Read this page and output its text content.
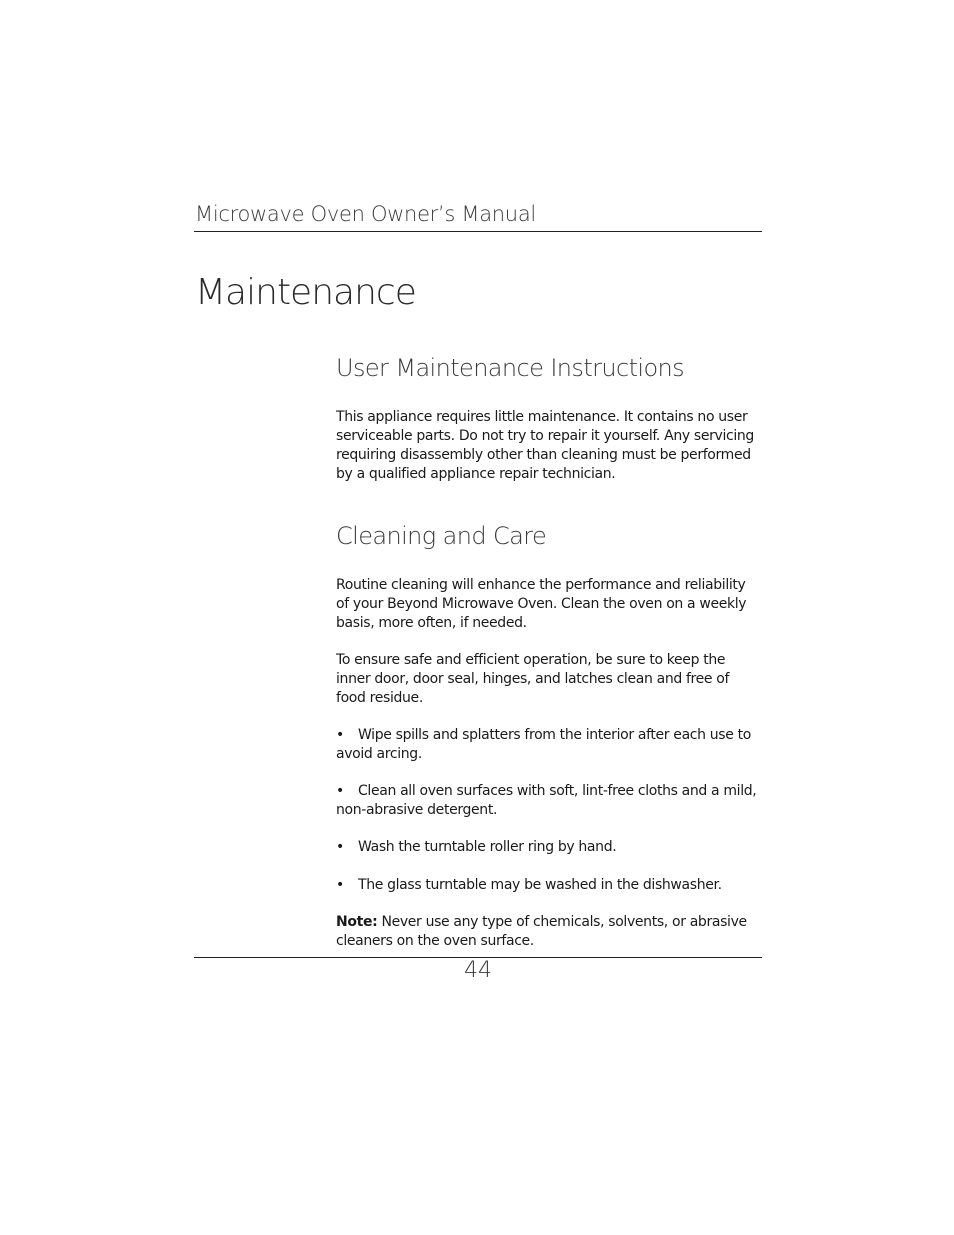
Microwave Oven Owner’s Manual
Maintenance
User Maintenance Instructions

This appliance requires little maintenance. It contains no user serviceable parts. Do not try to repair it yourself. Any servicing requiring disassembly other than cleaning must be performed by a qualified appliance repair technician.

Cleaning and Care

Routine cleaning will enhance the performance and reliability of your Beyond Microwave Oven. Clean the oven on a weekly basis, more often, if needed.

To ensure safe and efficient operation, be sure to keep the inner door, door seal, hinges, and latches clean and free of food residue.

• Wipe spills and splatters from the interior after each use to avoid arcing.

• Clean all oven surfaces with soft, lint-free cloths and a mild, non-abrasive detergent.

• Wash the turntable roller ring by hand.

• The glass turntable may be washed in the dishwasher.

Note: Never use any type of chemicals, solvents, or abrasive cleaners on the oven surface.

44
